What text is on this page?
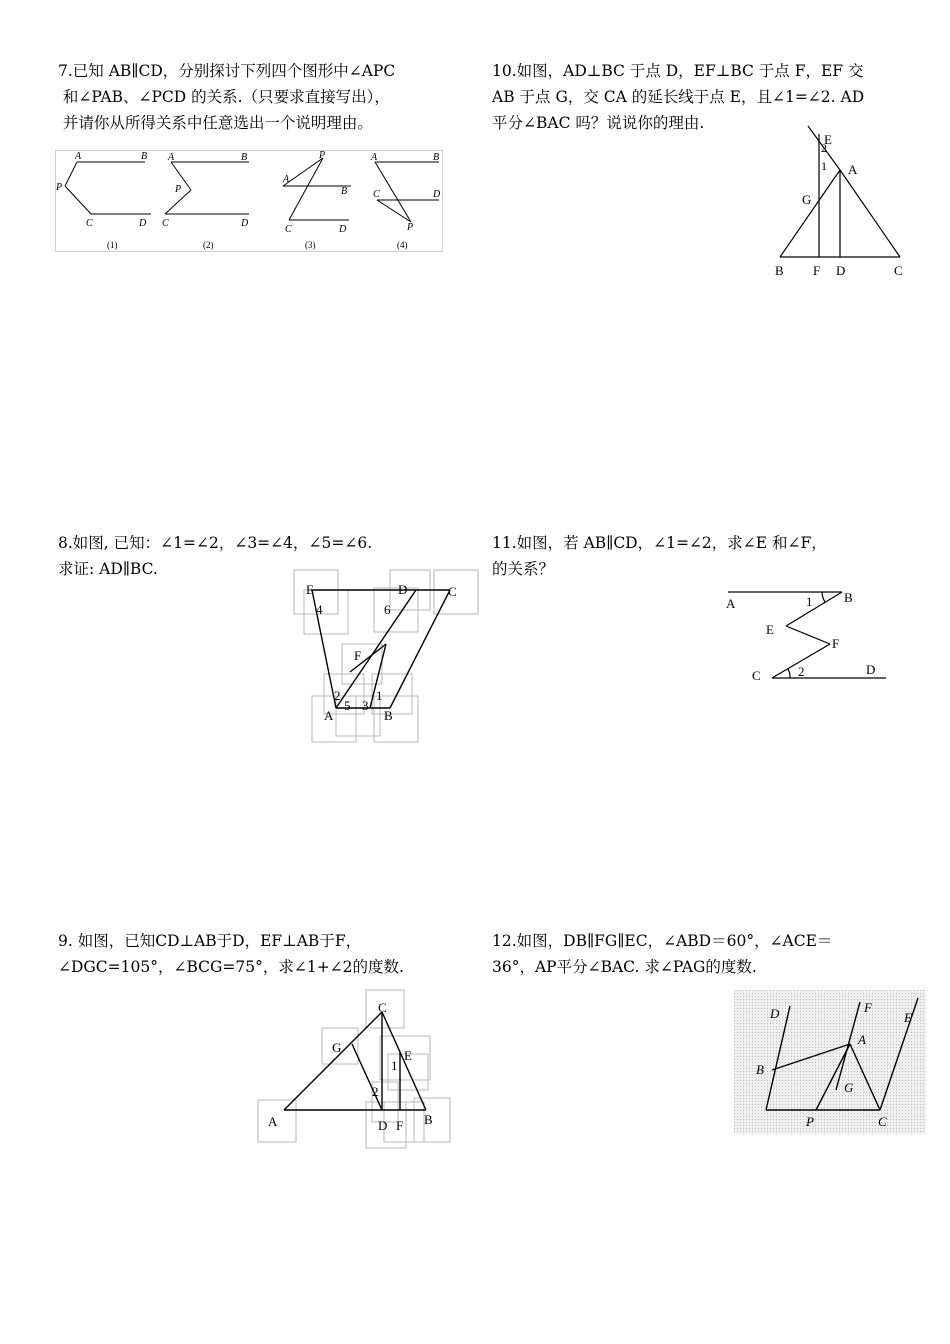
7.已知 AB∥CD，分别探讨下列四个图形中∠APC

和∠PAB、∠PCD 的关系.（只要求直接写出），

并请你从所得关系中任意选出一个说明理由。

A	B
C	D
P
A	B
C	D
P
A
B
C	D
P	A	B
C	D
P
(1)	(2)	(3)	(4)

10.如图，AD⊥BC 于点 D，EF⊥BC 于点 F，EF 交

AB 于点 G，交 CA 的延长线于点 E，且∠1=∠2. AD

平分∠BAC 吗？说说你的理由.

E
A
G
B F D	C
1
2

8.如图, 已知：∠1=∠2，∠3=∠4，∠5=∠6.

求证: AD∥BC.

E	D	C
F
A	B
1
2
3
4
5
6

11.如图，若 AB∥CD，∠1=∠2，求∠E 和∠F，

的关系？

A	B
E
F
C	D
1
2

9. 如图，已知CD⊥AB于D，EF⊥AB于F，

∠DGC=105°，∠BCG=75°，求∠1+∠2的度数.

C
G
E
A	D F B
1
2

12.如图，DB∥FG∥EC，∠ABD＝60°，∠ACE＝

36°，AP平分∠BAC. 求∠PAG的度数.

D	F
E
A
B
G
P	C
